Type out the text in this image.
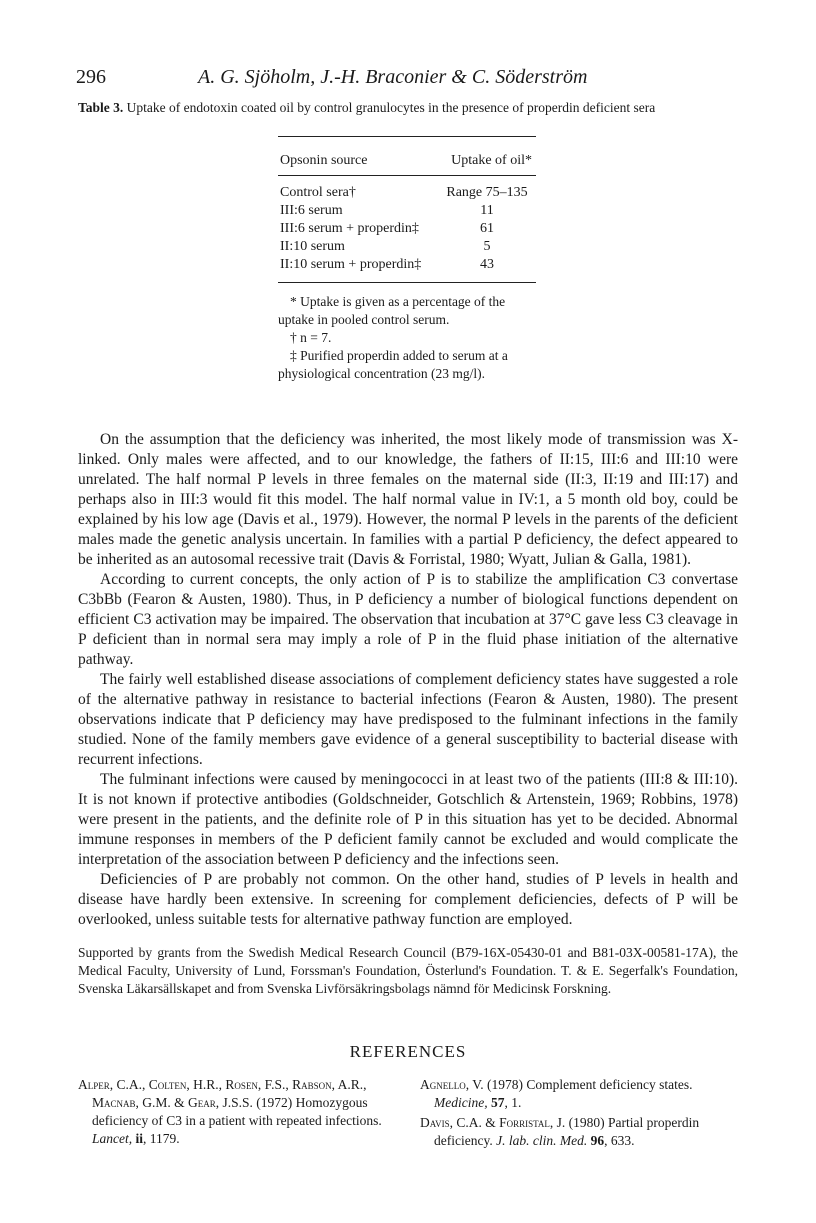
296	A. G. Sjöholm, J.-H. Braconier & C. Söderström
Table 3. Uptake of endotoxin coated oil by control granulocytes in the presence of properdin deficient sera
Opsonin source	Uptake of oil*
Control sera†	Range 75–135
III:6 serum	11
III:6 serum + properdin‡	61
II:10 serum	5
II:10 serum + properdin‡	43
* Uptake is given as a percentage of the uptake in pooled control serum.
† n = 7.
‡ Purified properdin added to serum at a physiological concentration (23 mg/l).

On the assumption that the deficiency was inherited, the most likely mode of transmission was X-linked. Only males were affected, and to our knowledge, the fathers of II:15, III:6 and III:10 were unrelated. The half normal P levels in three females on the maternal side (II:3, II:19 and III:17) and perhaps also in III:3 would fit this model. The half normal value in IV:1, a 5 month old boy, could be explained by his low age (Davis et al., 1979). However, the normal P levels in the parents of the deficient males made the genetic analysis uncertain. In families with a partial P deficiency, the defect appeared to be inherited as an autosomal recessive trait (Davis & Forristal, 1980; Wyatt, Julian & Galla, 1981).

According to current concepts, the only action of P is to stabilize the amplification C3 convertase C3bBb (Fearon & Austen, 1980). Thus, in P deficiency a number of biological functions dependent on efficient C3 activation may be impaired. The observation that incubation at 37°C gave less C3 cleavage in P deficient than in normal sera may imply a role of P in the fluid phase initiation of the alternative pathway.

The fairly well established disease associations of complement deficiency states have suggested a role of the alternative pathway in resistance to bacterial infections (Fearon & Austen, 1980). The present observations indicate that P deficiency may have predisposed to the fulminant infections in the family studied. None of the family members gave evidence of a general susceptibility to bacterial disease with recurrent infections.

The fulminant infections were caused by meningococci in at least two of the patients (III:8 & III:10). It is not known if protective antibodies (Goldschneider, Gotschlich & Artenstein, 1969; Robbins, 1978) were present in the patients, and the definite role of P in this situation has yet to be decided. Abnormal immune responses in members of the P deficient family cannot be excluded and would complicate the interpretation of the association between P deficiency and the infections seen.

Deficiencies of P are probably not common. On the other hand, studies of P levels in health and disease have hardly been extensive. In screening for complement deficiencies, defects of P will be overlooked, unless suitable tests for alternative pathway function are employed.

Supported by grants from the Swedish Medical Research Council (B79-16X-05430-01 and B81-03X-00581-17A), the Medical Faculty, University of Lund, Forssman's Foundation, Österlund's Foundation. T. & E. Segerfalk's Foundation, Svenska Läkarsällskapet and from Svenska Livförsäkringsbolags nämnd för Medicinsk Forskning.
REFERENCES
Alper, C.A., Colten, H.R., Rosen, F.S., Rabson, A.R., Macnab, G.M. & Gear, J.S.S. (1972) Homozygous deficiency of C3 in a patient with repeated infections. Lancet, ii, 1179.
Agnello, V. (1978) Complement deficiency states. Medicine, 57, 1.
Davis, C.A. & Forristal, J. (1980) Partial properdin deficiency. J. lab. clin. Med. 96, 633.
